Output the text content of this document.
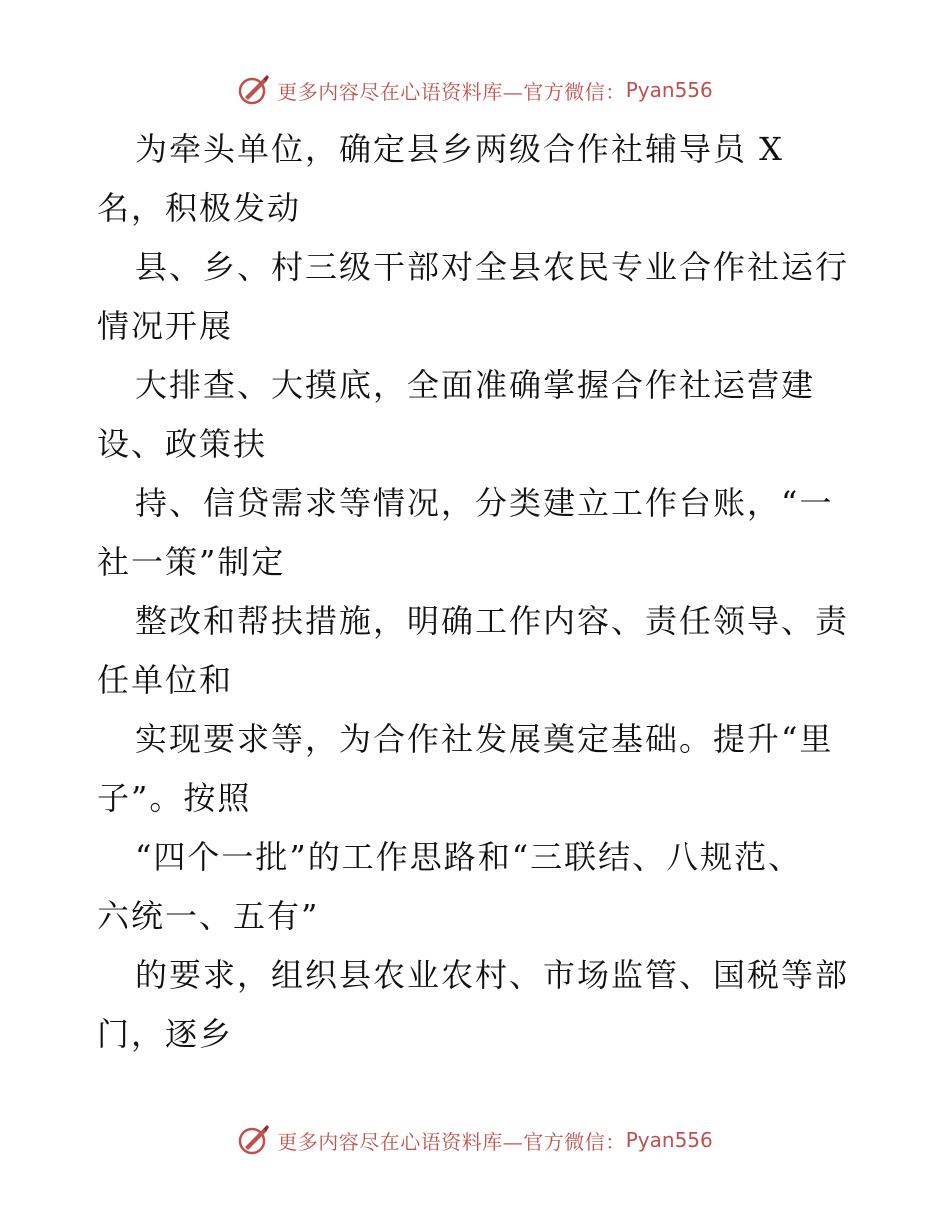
更多内容尽在心语资料库—官方微信： Pyan556
为牵头单位，确定县乡两级合作社辅导员 X
名，积极发动
县、乡、村三级干部对全县农民专业合作社运行
情况开展
大排查、大摸底，全面准确掌握合作社运营建
设、政策扶
持、信贷需求等情况，分类建立工作台账，“一
社一策”制定
整改和帮扶措施，明确工作内容、责任领导、责
任单位和
实现要求等，为合作社发展奠定基础。提升“里
子”。按照
“四个一批”的工作思路和“三联结、八规范、
六统一、五有”
的要求，组织县农业农村、市场监管、国税等部
门，逐乡
更多内容尽在心语资料库—官方微信： Pyan556
